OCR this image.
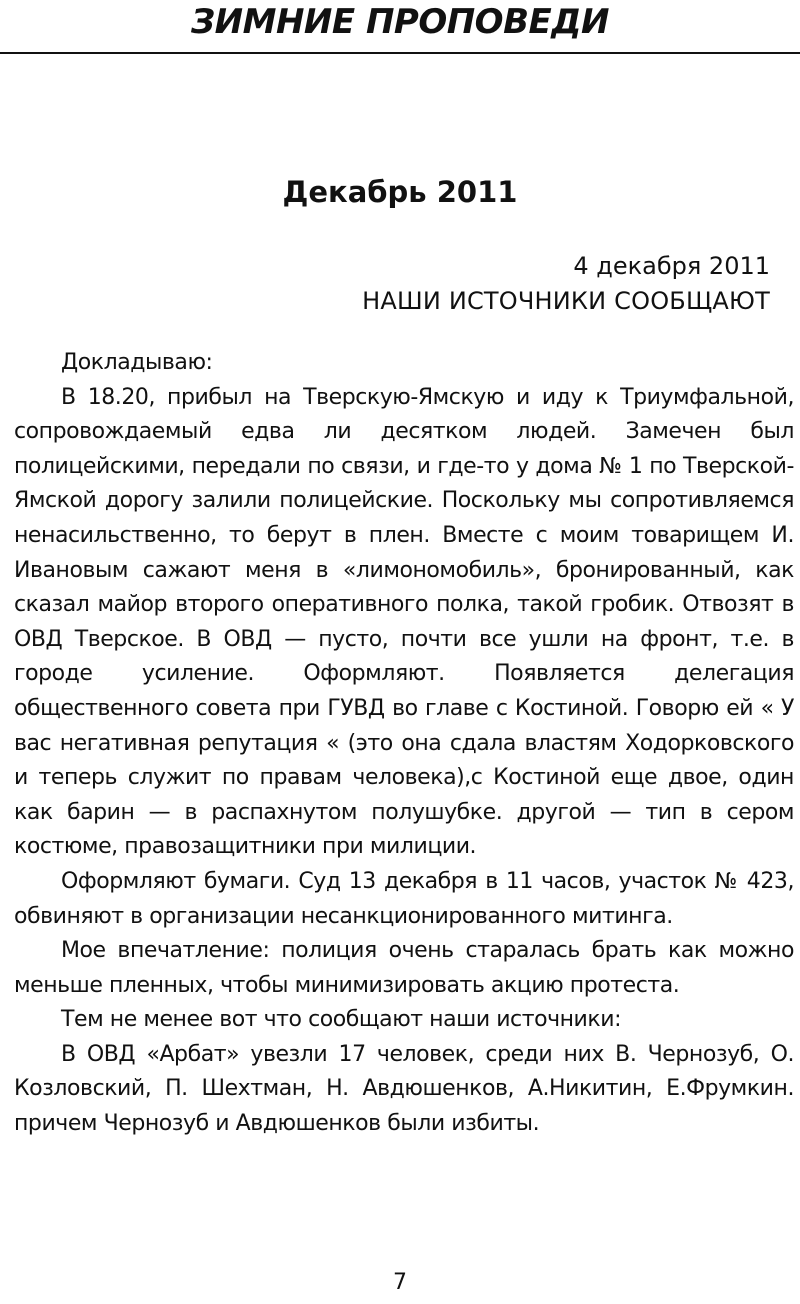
ЗИМНИЕ ПРОПОВЕДИ
Декабрь 2011
4 декабря 2011
НАШИ ИСТОЧНИКИ СООБЩАЮТ

Докладываю:

В 18.20, прибыл на Тверскую-Ямскую и иду к Триумфальной, сопровождаемый едва ли десятком людей. Замечен был полицейскими, передали по связи, и где-то у дома № 1 по Тверской-Ямской дорогу залили полицейские. Поскольку мы сопротивляемся ненасильственно, то берут в плен. Вместе с моим товарищем И. Ивановым сажают меня в «лимономобиль», бронированный, как сказал майор второго оперативного полка, такой гробик. Отвозят в ОВД Тверское. В ОВД — пусто, почти все ушли на фронт, т.е. в городе усиление. Оформляют. Появляется делегация общественного совета при ГУВД во главе с Костиной. Говорю ей « У вас негативная репутация « (это она сдала властям Ходорковского и теперь служит по правам человека),с Костиной еще двое, один как барин — в распахнутом полушубке. другой — тип в сером костюме, правозащитники при милиции.

Оформляют бумаги. Суд 13 декабря в 11 часов, участок № 423, обвиняют в организации несанкционированного митинга.

Мое впечатление: полиция очень старалась брать как можно меньше пленных, чтобы минимизировать акцию протеста.

Тем не менее вот что сообщают наши источники:

В ОВД «Арбат» увезли 17 человек, среди них В. Чернозуб, О. Козловский, П. Шехтман, Н. Авдюшенков, А.Никитин, Е.Фрумкин. причем Чернозуб и Авдюшенков были избиты.

7
